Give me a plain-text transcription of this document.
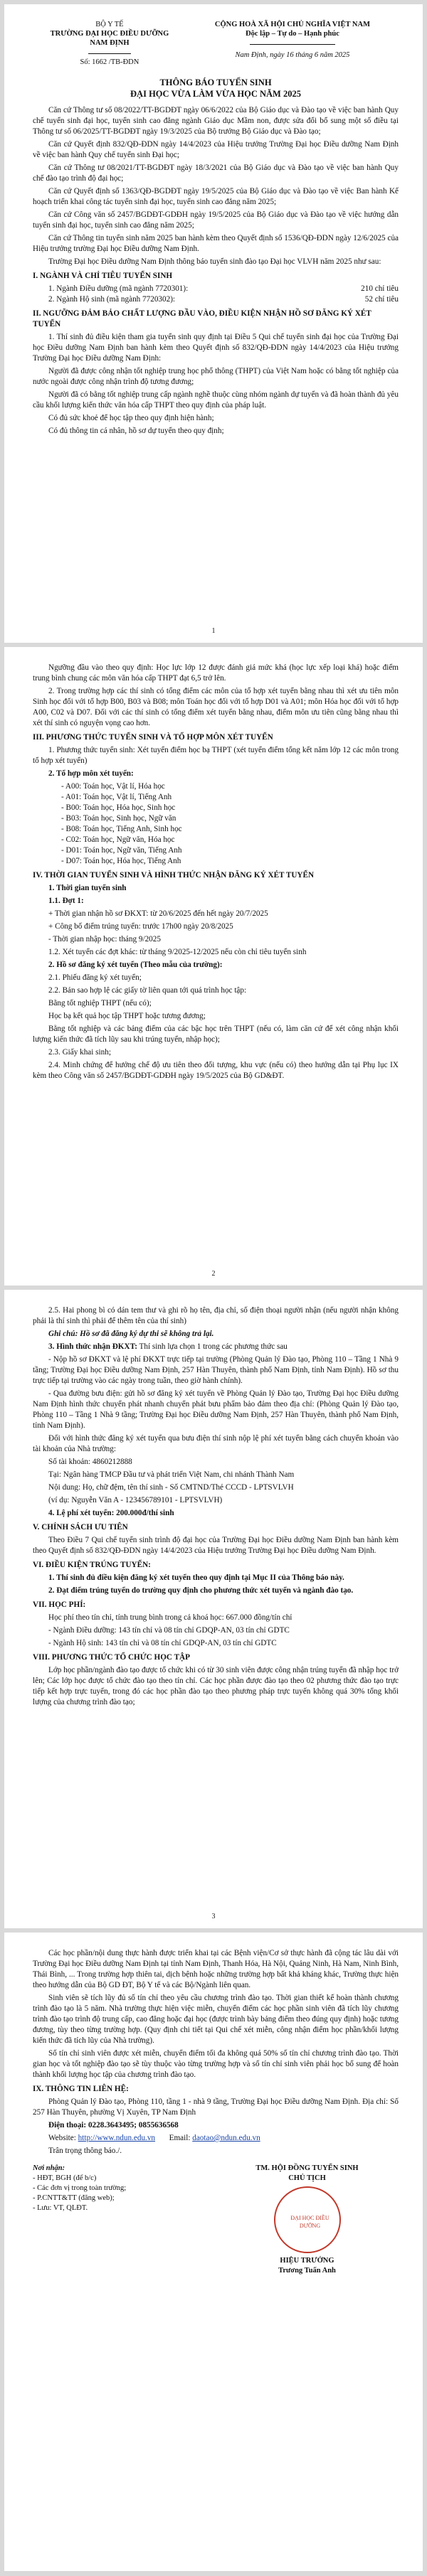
BỘ Y TẾ
TRƯỜNG ĐẠI HỌC ĐIỀU DƯỠNG
NAM ĐỊNH
Số: 1662 /TB-ĐDN
CỘNG HOÀ XÃ HỘI CHỦ NGHĨA VIỆT NAM
Độc lập – Tự do – Hạnh phúc
Nam Định, ngày 16 tháng 6 năm 2025
THÔNG BÁO TUYỂN SINH
ĐẠI HỌC VỪA LÀM VỪA HỌC NĂM 2025

Căn cứ Thông tư số 08/2022/TT-BGDĐT ngày 06/6/2022 của Bộ Giáo dục và Đào tạo về việc ban hành Quy chế tuyển sinh đại học, tuyển sinh cao đẳng ngành Giáo dục Mầm non, được sửa đổi bổ sung một số điều tại Thông tư số 06/2025/TT-BGDĐT ngày 19/3/2025 của Bộ trưởng Bộ Giáo dục và Đào tạo;

Căn cứ Quyết định 832/QĐ-ĐDN ngày 14/4/2023 của Hiệu trưởng Trường Đại học Điều dưỡng Nam Định về việc ban hành Quy chế tuyển sinh Đại học;

Căn cứ Thông tư 08/2021/TT-BGDĐT ngày 18/3/2021 của Bộ Giáo dục và Đào tạo về việc ban hành Quy chế đào tạo trình độ đại học;

Căn cứ Quyết định số 1363/QĐ-BGDĐT ngày 19/5/2025 của Bộ Giáo dục và Đào tạo về việc Ban hành Kế hoạch triển khai công tác tuyển sinh đại học, tuyển sinh cao đẳng năm 2025;

Căn cứ Công văn số 2457/BGDĐT-GDĐH ngày 19/5/2025 của Bộ Giáo dục và Đào tạo về việc hướng dẫn tuyển sinh đại học, tuyển sinh cao đẳng năm 2025;

Căn cứ Thông tin tuyển sinh năm 2025 ban hành kèm theo Quyết định số 1536/QĐ-ĐDN ngày 12/6/2025 của Hiệu trưởng trường Đại học Điều dưỡng Nam Định.

Trường Đại học Điều dưỡng Nam Định thông báo tuyển sinh đào tạo Đại học VLVH năm 2025 như sau:

I. NGÀNH VÀ CHỈ TIÊU TUYỂN SINH
1. Ngành Điều dưỡng (mã ngành 7720301):	210 chỉ tiêu
2. Ngành Hộ sinh (mã ngành 7720302):	52 chỉ tiêu
II. NGƯỠNG ĐẢM BẢO CHẤT LƯỢNG ĐẦU VÀO, ĐIỀU KIỆN NHẬN HỒ SƠ ĐĂNG KÝ XÉT TUYỂN

1. Thí sinh đủ điều kiện tham gia tuyển sinh quy định tại Điều 5 Qui chế tuyển sinh đại học của Trường Đại học Điều dưỡng Nam Định ban hành kèm theo Quyết định số 832/QĐ-ĐDN ngày 14/4/2023 của Hiệu trưởng Trường Đại học Điều dưỡng Nam Định:

Người đã được công nhận tốt nghiệp trung học phổ thông (THPT) của Việt Nam hoặc có bằng tốt nghiệp của nước ngoài được công nhận trình độ tương đương;

Người đã có bằng tốt nghiệp trung cấp ngành nghề thuộc cùng nhóm ngành dự tuyển và đã hoàn thành đủ yêu cầu khối lượng kiến thức văn hóa cấp THPT theo quy định của pháp luật.

Có đủ sức khoẻ để học tập theo quy định hiện hành;

Có đủ thông tin cá nhân, hồ sơ dự tuyển theo quy định;

1

Ngưỡng đầu vào theo quy định: Học lực lớp 12 được đánh giá mức khá (học lực xếp loại khá) hoặc điểm trung bình chung các môn văn hóa cấp THPT đạt 6,5 trở lên.

2. Trong trường hợp các thí sinh có tổng điểm các môn của tổ hợp xét tuyển bằng nhau thì xét ưu tiên môn Sinh học đối với tổ hợp B00, B03 và B08; môn Toán học đối với tổ hợp D01 và A01; môn Hóa học đối với tổ hợp A00, C02 và D07. Đối với các thí sinh có tổng điểm xét tuyển bằng nhau, điểm môn ưu tiên cũng bằng nhau thì xét thí sinh có nguyện vọng cao hơn.

III. PHƯƠNG THỨC TUYỂN SINH VÀ TỔ HỢP MÔN XÉT TUYỂN

1. Phương thức tuyển sinh: Xét tuyển điểm học bạ THPT (xét tuyển điểm tổng kết năm lớp 12 các môn trong tổ hợp xét tuyển)

2. Tổ hợp môn xét tuyển:

- A00: Toán học, Vật lí, Hóa học
- A01: Toán học, Vật lí, Tiếng Anh
- B00: Toán học, Hóa học, Sinh học
- B03: Toán học, Sinh học, Ngữ văn
- B08: Toán học, Tiếng Anh, Sinh học
- C02: Toán học, Ngữ văn, Hóa học
- D01: Toán học, Ngữ văn, Tiếng Anh
- D07: Toán học, Hóa học, Tiếng Anh
IV. THỜI GIAN TUYỂN SINH VÀ HÌNH THỨC NHẬN ĐĂNG KÝ XÉT TUYỂN

1. Thời gian tuyển sinh

1.1. Đợt 1:

+ Thời gian nhận hồ sơ ĐKXT: từ 20/6/2025 đến hết ngày 20/7/2025

+ Công bố điểm trúng tuyển: trước 17h00 ngày 20/8/2025

- Thời gian nhập học: tháng 9/2025

1.2. Xét tuyển các đợt khác: từ tháng 9/2025-12/2025 nếu còn chỉ tiêu tuyển sinh

2. Hồ sơ đăng ký xét tuyển (Theo mẫu của trường):

2.1. Phiếu đăng ký xét tuyển;

2.2. Bản sao hợp lệ các giấy tờ liên quan tới quá trình học tập:

Bằng tốt nghiệp THPT (nếu có);

Học bạ kết quả học tập THPT hoặc tương đương;

Bằng tốt nghiệp và các bảng điểm của các bậc học trên THPT (nếu có, làm căn cứ để xét công nhận khối lượng kiến thức đã tích lũy sau khi trúng tuyển, nhập học);

2.3. Giấy khai sinh;

2.4. Minh chứng để hưởng chế độ ưu tiên theo đối tượng, khu vực (nếu có) theo hướng dẫn tại Phụ lục IX kèm theo Công văn số 2457/BGDĐT-GDĐH ngày 19/5/2025 của Bộ GD&ĐT.

2

2.5. Hai phong bì có dán tem thư và ghi rõ họ tên, địa chỉ, số điện thoại người nhận (nếu người nhận không phải là thí sinh thì phải để thêm tên của thí sinh)

Ghi chú: Hồ sơ đã đăng ký dự thi sẽ không trả lại.

3. Hình thức nhận ĐKXT: Thí sinh lựa chọn 1 trong các phương thức sau

- Nộp hồ sơ ĐKXT và lệ phí ĐKXT trực tiếp tại trường (Phòng Quản lý Đào tạo, Phòng 110 – Tầng 1 Nhà 9 tầng; Trường Đại học Điều dưỡng Nam Định, 257 Hàn Thuyên, thành phố Nam Định, tỉnh Nam Định). Hồ sơ thu trực tiếp tại trường vào các ngày trong tuần, theo giờ hành chính).

- Qua đường bưu điện: gửi hồ sơ đăng ký xét tuyển về Phòng Quản lý Đào tạo, Trường Đại học Điều dưỡng Nam Định hình thức chuyển phát nhanh chuyển phát bưu phẩm bảo đảm theo địa chỉ: (Phòng Quản lý Đào tạo, Phòng 110 – Tầng 1 Nhà 9 tầng; Trường Đại học Điều dưỡng Nam Định, 257 Hàn Thuyên, thành phố Nam Định, tỉnh Nam Định).

Đối với hình thức đăng ký xét tuyển qua bưu điện thí sinh nộp lệ phí xét tuyển bằng cách chuyển khoản vào tài khoản của Nhà trường:

Số tài khoản: 4860212888

Tại: Ngân hàng TMCP Đầu tư và phát triển Việt Nam, chi nhánh Thành Nam

Nội dung: Họ, chữ đệm, tên thí sinh - Số CMTND/Thẻ CCCD - LPTSVLVH

(ví dụ: Nguyễn Văn A - 123456789101 - LPTSVLVH)

4. Lệ phí xét tuyển: 200.000đ/thí sinh

V. CHÍNH SÁCH ƯU TIÊN

Theo Điều 7 Qui chế tuyển sinh trình độ đại học của Trường Đại học Điều dưỡng Nam Định ban hành kèm theo Quyết định số 832/QĐ-ĐDN ngày 14/4/2023 của Hiệu trưởng Trường Đại học Điều dưỡng Nam Định.

VI. ĐIỀU KIỆN TRÚNG TUYỂN:

1. Thí sinh đủ điều kiện đăng ký xét tuyển theo quy định tại Mục II của Thông báo này.

2. Đạt điểm trúng tuyển do trường quy định cho phương thức xét tuyển và ngành đào tạo.

VII. HỌC PHÍ:

Học phí theo tín chỉ, tính trung bình trong cả khoá học: 667.000 đồng/tín chỉ

- Ngành Điều dưỡng: 143 tín chỉ và 08 tín chỉ GDQP-AN, 03 tín chỉ GDTC

- Ngành Hộ sinh: 143 tín chỉ và 08 tín chỉ GDQP-AN, 03 tín chỉ GDTC

VIII. PHƯƠNG THỨC TỔ CHỨC HỌC TẬP

Lớp học phần/ngành đào tạo được tổ chức khi có từ 30 sinh viên được công nhận trúng tuyển đã nhập học trở lên; Các lớp học được tổ chức đào tạo theo tín chỉ. Các học phần được đào tạo theo 02 phương thức đào tạo trực tiếp kết hợp trực tuyến, trong đó các học phần đào tạo theo phương pháp trực tuyến không quá 30% tổng khối lượng của chương trình đào tạo;

3

Các học phần/nội dung thực hành được triển khai tại các Bệnh viện/Cơ sở thực hành đã cộng tác lâu dài với Trường Đại học Điều dưỡng Nam Định tại tỉnh Nam Định, Thanh Hóa, Hà Nội, Quảng Ninh, Hà Nam, Ninh Bình, Thái Bình, ... Trong trường hợp thiên tai, dịch bệnh hoặc những trường hợp bất khả kháng khác, Trường thực hiện theo hướng dẫn của Bộ GD ĐT, Bộ Y tế và các Bộ/Ngành liên quan.

Sinh viên sẽ tích lũy đủ số tín chỉ theo yêu cầu chương trình đào tạo. Thời gian thiết kế hoàn thành chương trình đào tạo là 5 năm. Nhà trường thực hiện việc miễn, chuyển điểm các học phần sinh viên đã tích lũy chương trình đào tạo trình độ trung cấp, cao đẳng hoặc đại học (được trình bày bảng điểm theo đúng quy định) hoặc tương đương, tùy theo từng trường hợp. (Quy định chi tiết tại Qui chế xét miễn, công nhận điểm học phần/khối lượng kiến thức đã tích lũy của Nhà trường).

Số tín chỉ sinh viên được xét miễn, chuyển điểm tối đa không quá 50% số tín chỉ chương trình đào tạo. Thời gian học và tốt nghiệp đào tạo sẽ tùy thuộc vào từng trường hợp và số tín chỉ sinh viên phải học bổ sung để hoàn thành khối lượng học tập của chương trình đào tạo.

IX. THÔNG TIN LIÊN HỆ:

Phòng Quản lý Đào tạo, Phòng 110, tầng 1 - nhà 9 tầng, Trường Đại học Điều dưỡng Nam Định. Địa chỉ: Số 257 Hàn Thuyên, phường Vị Xuyên, TP Nam Định

Điện thoại: 0228.3643495; 0855636568

Website: http://www.ndun.edu.vn Email: daotao@ndun.edu.vn

Trân trọng thông báo./.

Nơi nhận:
- HĐT, BGH (để b/c)
- Các đơn vị trong toàn trường;
- P.CNTT&TT (đăng web);
- Lưu: VT, QLĐT.
TM. HỘI ĐỒNG TUYỂN SINH
CHỦ TỊCH
ĐẠI HỌC ĐIỀU DƯỠNG
HIỆU TRƯỞNG
Trương Tuấn Anh
